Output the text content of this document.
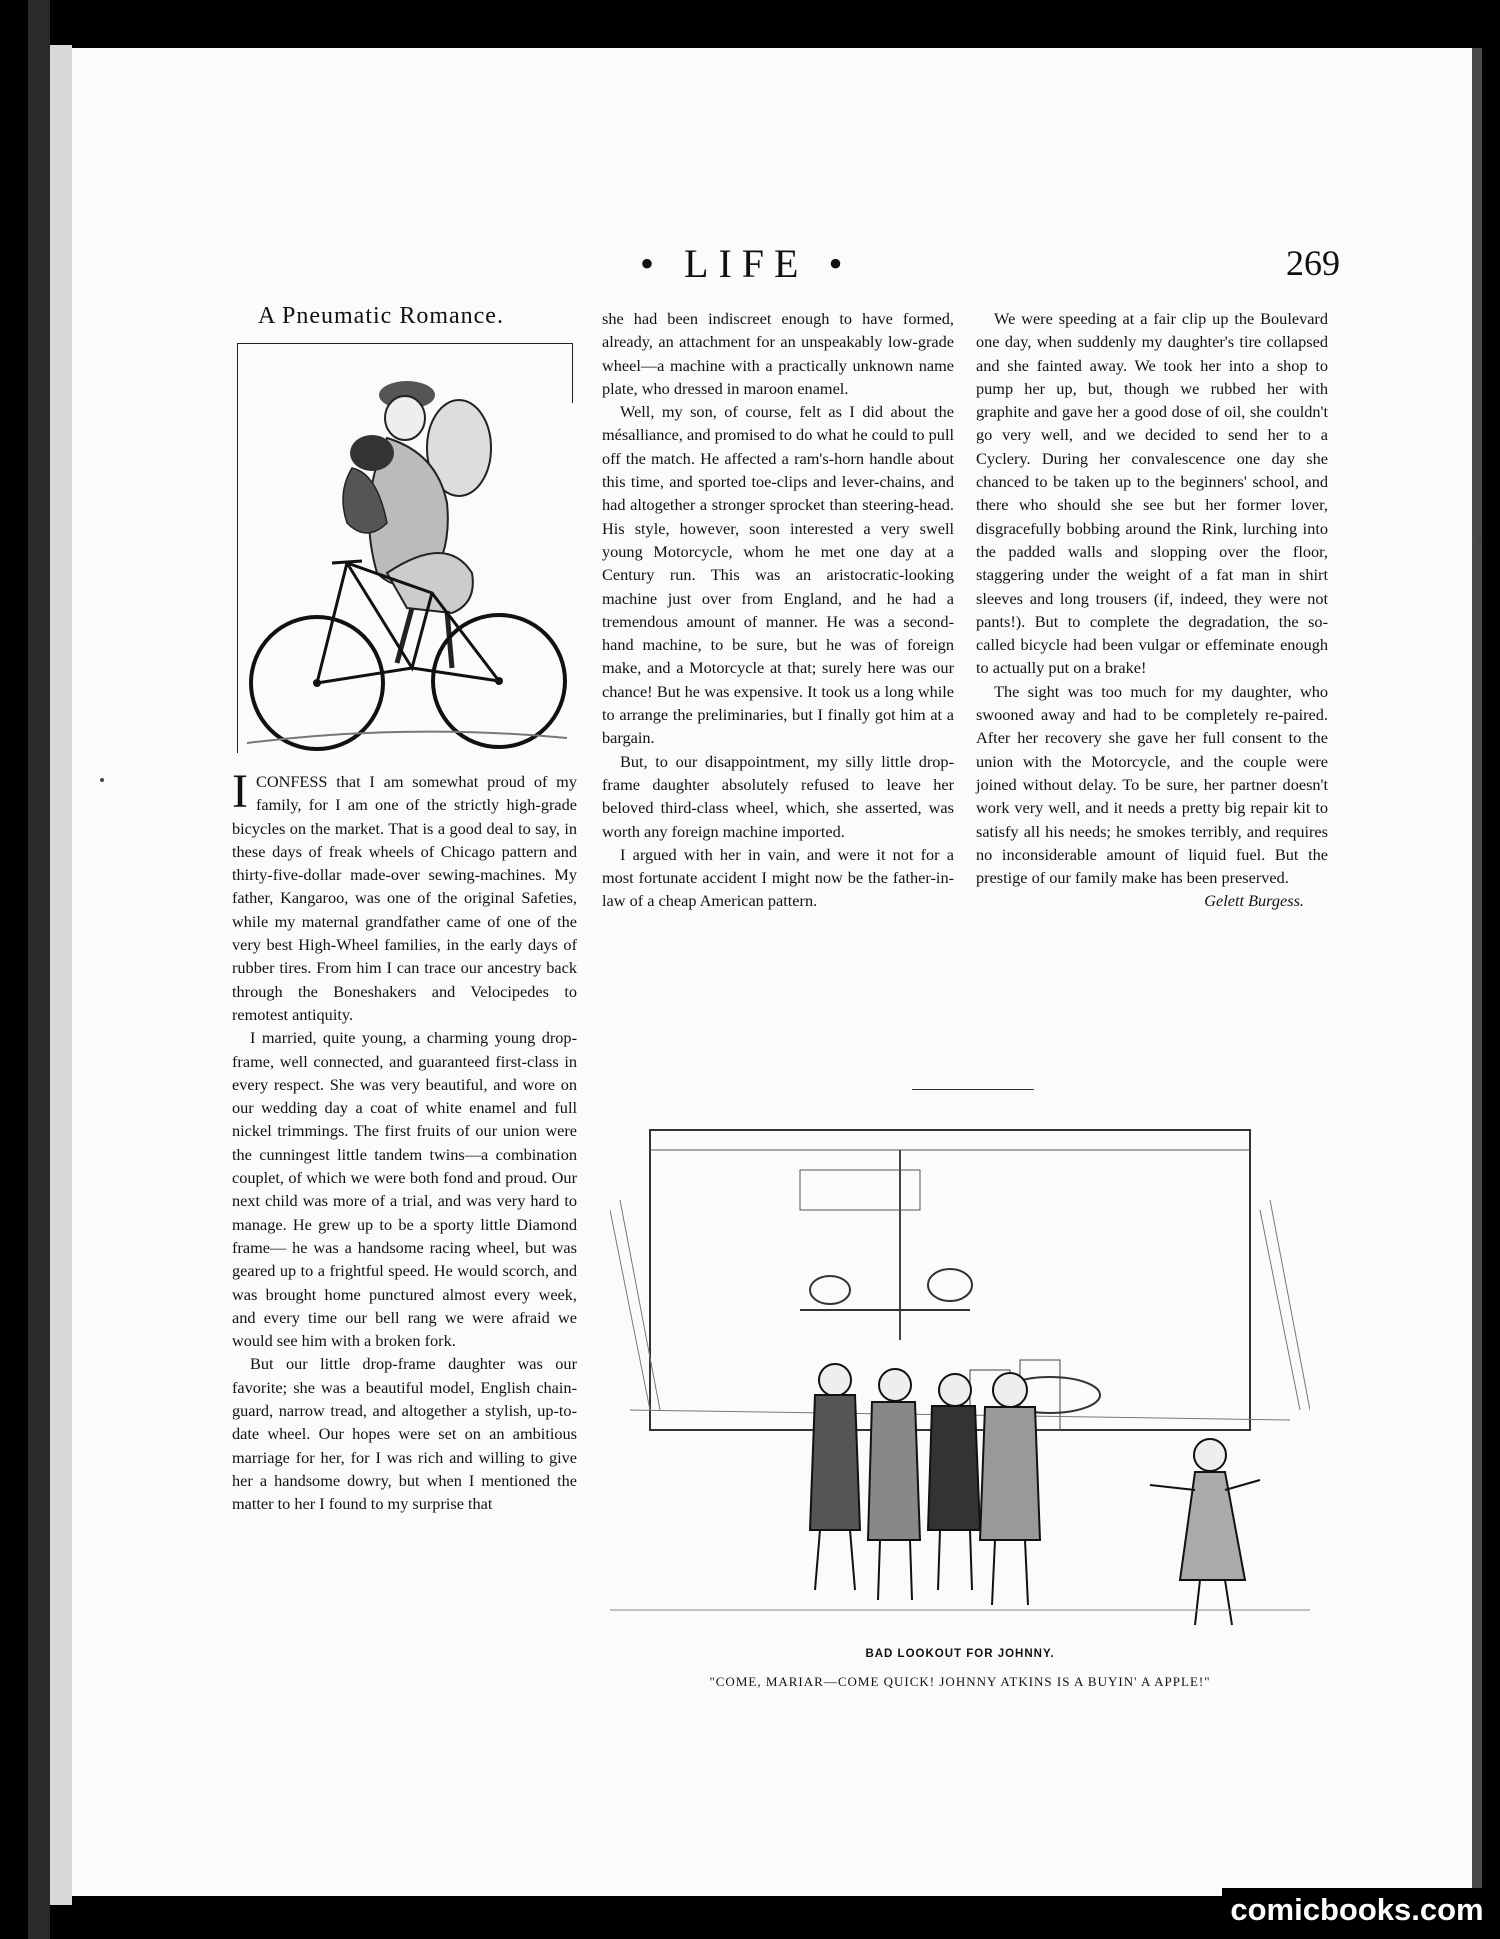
• LIFE •	269
A Pneumatic Romance.

ICONFESS that I am somewhat proud of my family, for I am one of the strictly high-grade bicycles on the market. That is a good deal to say, in these days of freak wheels of Chicago pattern and thirty-five-dollar made-over sewing-machines. My father, Kangaroo, was one of the original Safeties, while my maternal grandfather came of one of the very best High-Wheel families, in the early days of rubber tires. From him I can trace our ancestry back through the Boneshakers and Velocipedes to remotest antiquity.

I married, quite young, a charming young drop-frame, well connected, and guaranteed first-class in every respect. She was very beautiful, and wore on our wedding day a coat of white enamel and full nickel trimmings. The first fruits of our union were the cunningest little tandem twins—a combination couplet, of which we were both fond and proud. Our next child was more of a trial, and was very hard to manage. He grew up to be a sporty little Diamond frame— he was a handsome racing wheel, but was geared up to a frightful speed. He would scorch, and was brought home punctured almost every week, and every time our bell rang we were afraid we would see him with a broken fork.

But our little drop-frame daughter was our favorite; she was a beautiful model, English chain-guard, narrow tread, and altogether a stylish, up-to-date wheel. Our hopes were set on an ambitious marriage for her, for I was rich and willing to give her a handsome dowry, but when I mentioned the matter to her I found to my surprise that

she had been indiscreet enough to have formed, already, an attachment for an unspeakably low-grade wheel—a machine with a practically unknown name plate, who dressed in maroon enamel.

Well, my son, of course, felt as I did about the mésalliance, and promised to do what he could to pull off the match. He affected a ram's-horn handle about this time, and sported toe-clips and lever-chains, and had altogether a stronger sprocket than steering-head. His style, however, soon interested a very swell young Motorcycle, whom he met one day at a Century run. This was an aristocratic-looking machine just over from England, and he had a tremendous amount of manner. He was a second-hand machine, to be sure, but he was of foreign make, and a Motorcycle at that; surely here was our chance! But he was expensive. It took us a long while to arrange the preliminaries, but I finally got him at a bargain.

But, to our disappointment, my silly little drop-frame daughter absolutely refused to leave her beloved third-class wheel, which, she asserted, was worth any foreign machine imported.

I argued with her in vain, and were it not for a most fortunate accident I might now be the father-in-law of a cheap American pattern.

We were speeding at a fair clip up the Boulevard one day, when suddenly my daughter's tire collapsed and she fainted away. We took her into a shop to pump her up, but, though we rubbed her with graphite and gave her a good dose of oil, she couldn't go very well, and we decided to send her to a Cyclery. During her convalescence one day she chanced to be taken up to the beginners' school, and there who should she see but her former lover, disgracefully bobbing around the Rink, lurching into the padded walls and slopping over the floor, staggering under the weight of a fat man in shirt sleeves and long trousers (if, indeed, they were not pants!). But to complete the degradation, the so-called bicycle had been vulgar or effeminate enough to actually put on a brake!

The sight was too much for my daughter, who swooned away and had to be completely re-paired. After her recovery she gave her full consent to the union with the Motorcycle, and the couple were joined without delay. To be sure, her partner doesn't work very well, and it needs a pretty big repair kit to satisfy all his needs; he smokes terribly, and requires no inconsiderable amount of liquid fuel. But the prestige of our family make has been preserved.

Gelett Burgess.
BAD LOOKOUT FOR JOHNNY.
"COME, MARIAR—COME QUICK! JOHNNY ATKINS IS A BUYIN' A APPLE!"
comicbooks.com
